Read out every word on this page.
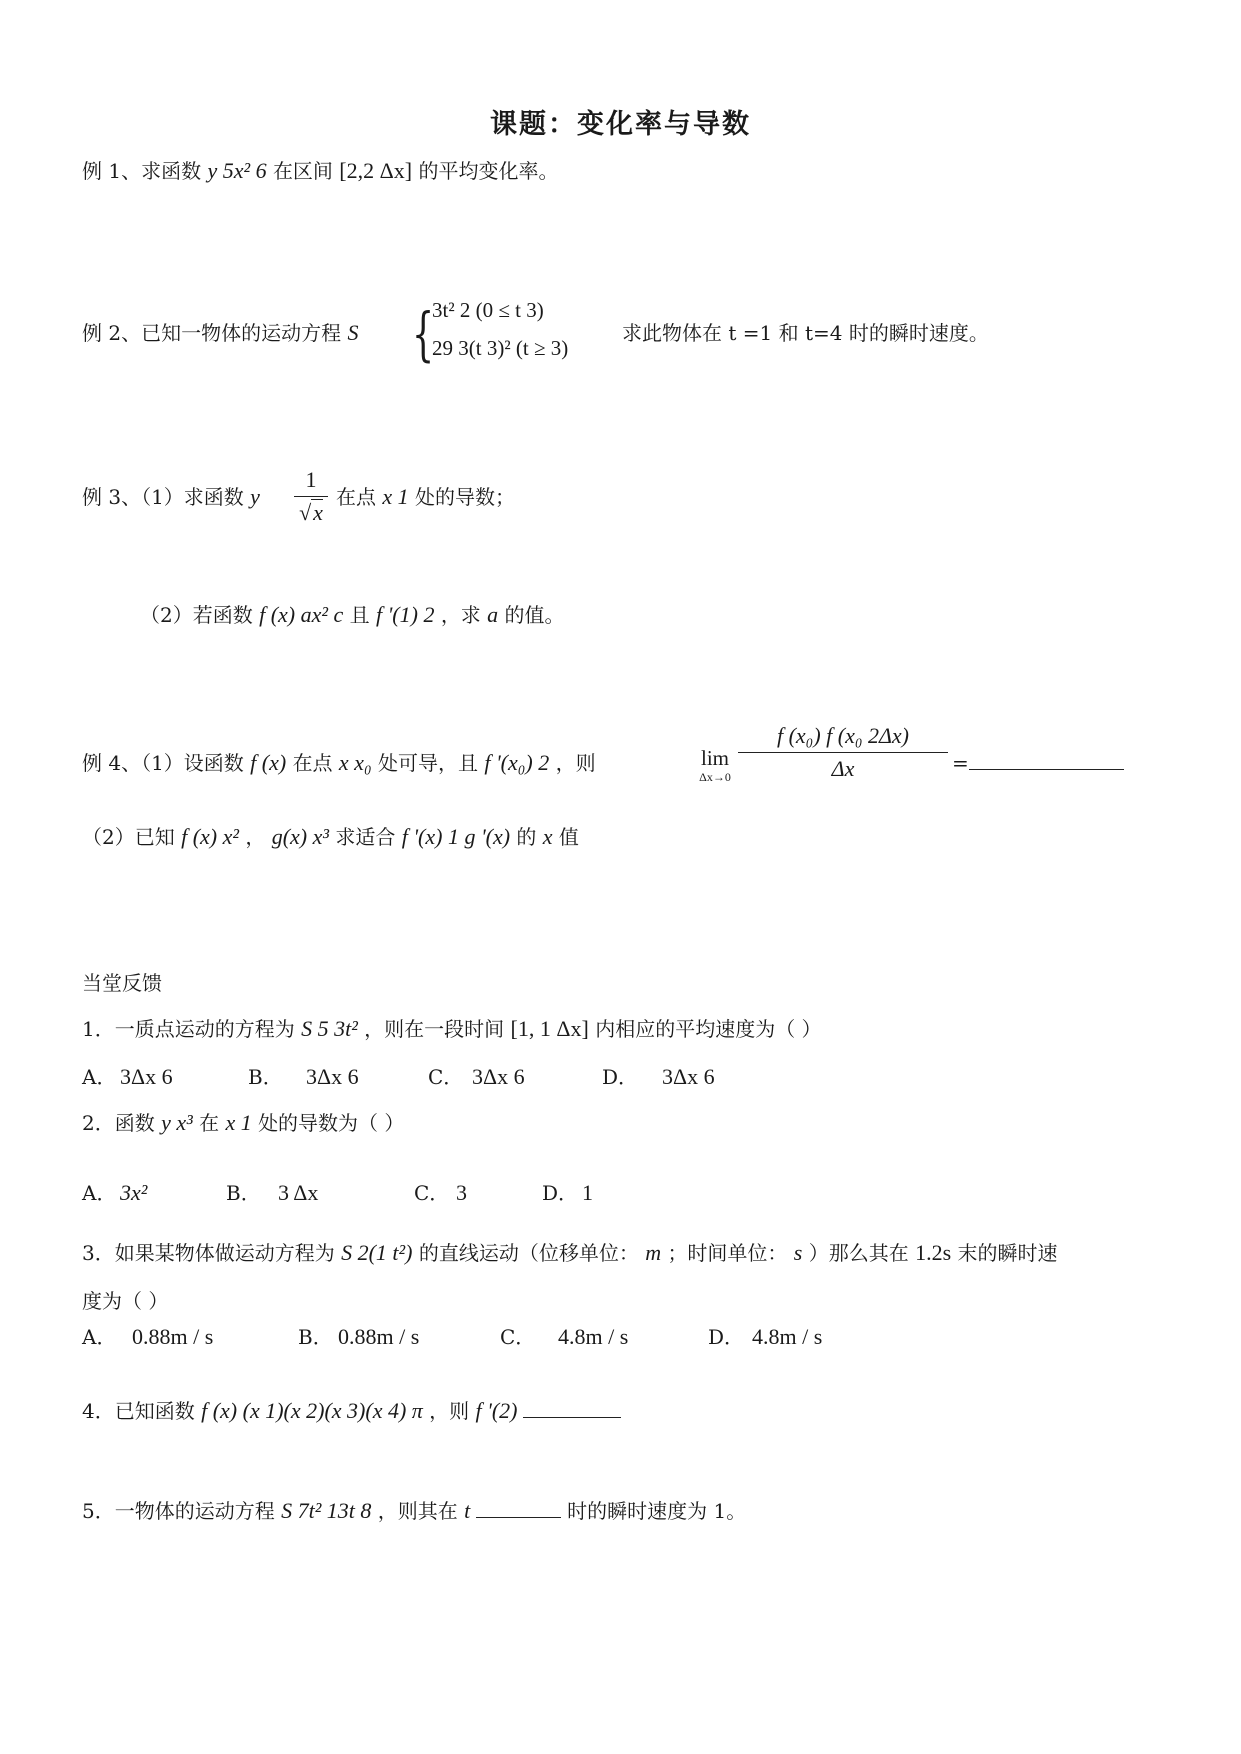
课题：变化率与导数
例 1、求函数 y 5x² 6 在区间 [2,2 Δx] 的平均变化率。
例 2、已知一物体的运动方程 S {
3t² 2 (0 ≤ t 3)
29 3(t 3)² (t ≥ 3)
求此物体在 t =1 和 t=4 时的瞬时速度。
例 3、（1）求函数 y
1
√x
在点 x 1 处的导数；
（2）若函数 f (x) ax² c 且 f '(1) 2 ，求 a 的值。
例 4、（1）设函数 f (x) 在点 x x₀ 处可导，且 f '(x₀) 2 ，则	lim
Δx→0
f (x₀) f (x₀ 2Δx)
Δx	=
（2）已知 f (x) x² ， g(x) x³ 求适合 f '(x) 1 g '(x) 的 x 值
当堂反馈
1．一质点运动的方程为 S 5 3t² ，则在一段时间 [1, 1 Δx] 内相应的平均速度为（ ）
A． 3Δx 6	B． 3Δx 6	C． 3Δx 6	D． 3Δx 6
2．函数 y x³ 在 x 1 处的导数为（ ）
A． 3x²	B． 3 Δx	C． 3	D． 1
3．如果某物体做运动方程为 S 2(1 t²) 的直线运动（位移单位： m ；时间单位： s ）那么其在 1.2s 末的瞬时速
度为（ ）
A． 0.88m / s	B． 0.88m / s	C． 4.8m / s	D． 4.8m / s
4．已知函数 f (x) (x 1)(x 2)(x 3)(x 4) π ，则 f '(2)
5．一物体的运动方程 S 7t² 13t 8 ，则其在 t	时的瞬时速度为 1。
